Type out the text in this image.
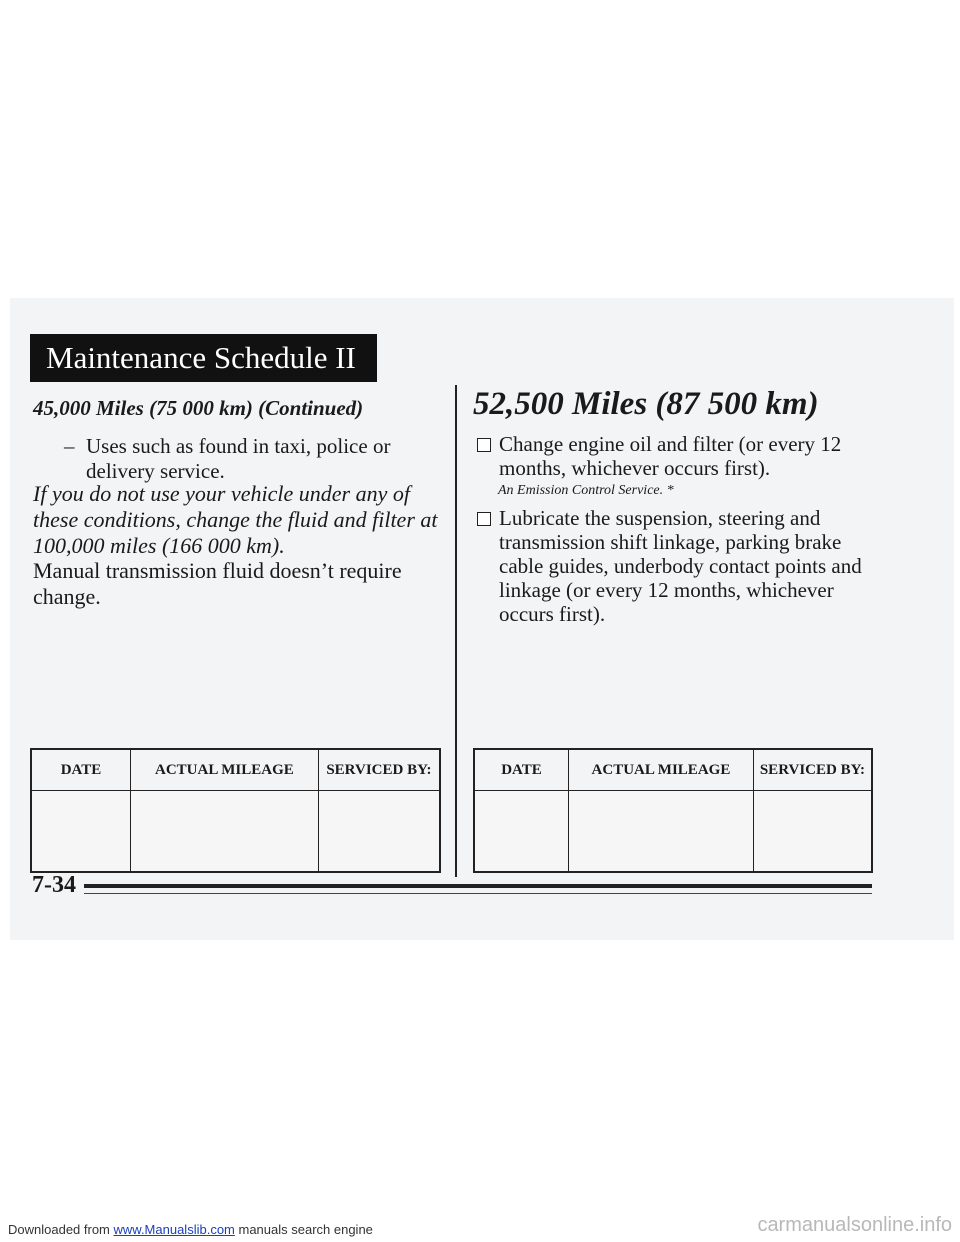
Maintenance Schedule II
45,000 Miles (75 000 km) (Continued)
– Uses such as found in taxi, police or delivery service.
If you do not use your vehicle under any of these conditions, change the fluid and filter at 100,000 miles (166 000 km).
Manual transmission fluid doesn’t require change.
52,500 Miles (87 500 km)
Change engine oil and filter (or every 12 months, whichever occurs first).
An Emission Control Service. *
Lubricate the suspension, steering and transmission shift linkage, parking brake cable guides, underbody contact points and linkage (or every 12 months, whichever occurs first).
DATE	ACTUAL MILEAGE	SERVICED BY:
			DATE	ACTUAL MILEAGE	SERVICED BY:

7-34
Downloaded from www.Manualslib.com manuals search engine	carmanualsonline.info
